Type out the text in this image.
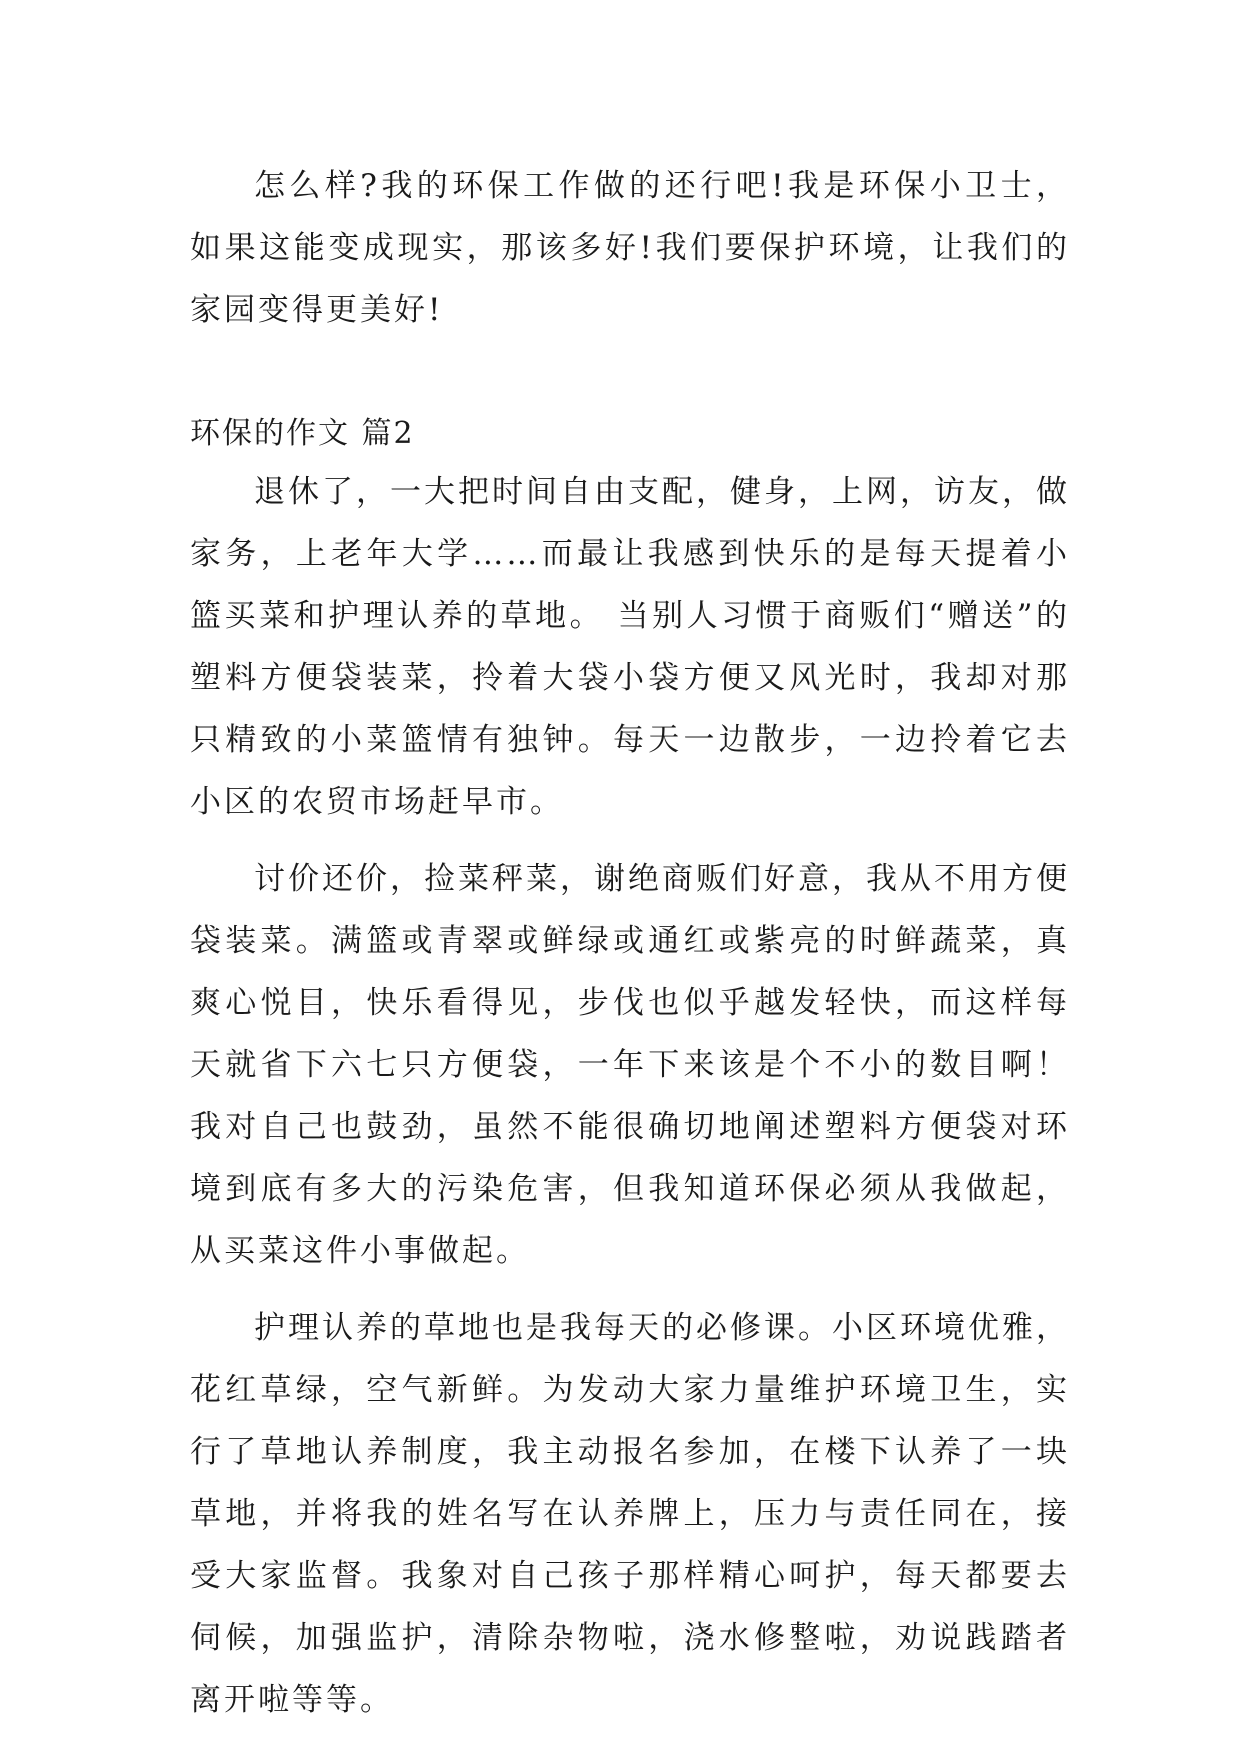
怎么样?我的环保工作做的还行吧!我是环保小卫士，如果这能变成现实，那该多好!我们要保护环境，让我们的家园变得更美好!

环保的作文 篇2

退休了，一大把时间自由支配，健身，上网，访友，做家务，上老年大学……而最让我感到快乐的是每天提着小篮买菜和护理认养的草地。 当别人习惯于商贩们“赠送”的塑料方便袋装菜，拎着大袋小袋方便又风光时，我却对那只精致的小菜篮情有独钟。每天一边散步，一边拎着它去小区的农贸市场赶早市。

讨价还价，捡菜秤菜，谢绝商贩们好意，我从不用方便袋装菜。满篮或青翠或鲜绿或通红或紫亮的时鲜蔬菜，真爽心悦目，快乐看得见，步伐也似乎越发轻快，而这样每天就省下六七只方便袋，一年下来该是个不小的数目啊！我对自己也鼓劲，虽然不能很确切地阐述塑料方便袋对环境到底有多大的污染危害，但我知道环保必须从我做起，从买菜这件小事做起。

护理认养的草地也是我每天的必修课。小区环境优雅，花红草绿，空气新鲜。为发动大家力量维护环境卫生，实行了草地认养制度，我主动报名参加，在楼下认养了一块草地，并将我的姓名写在认养牌上，压力与责任同在，接受大家监督。我象对自己孩子那样精心呵护，每天都要去伺候，加强监护，清除杂物啦，浇水修整啦，劝说践踏者离开啦等等。
